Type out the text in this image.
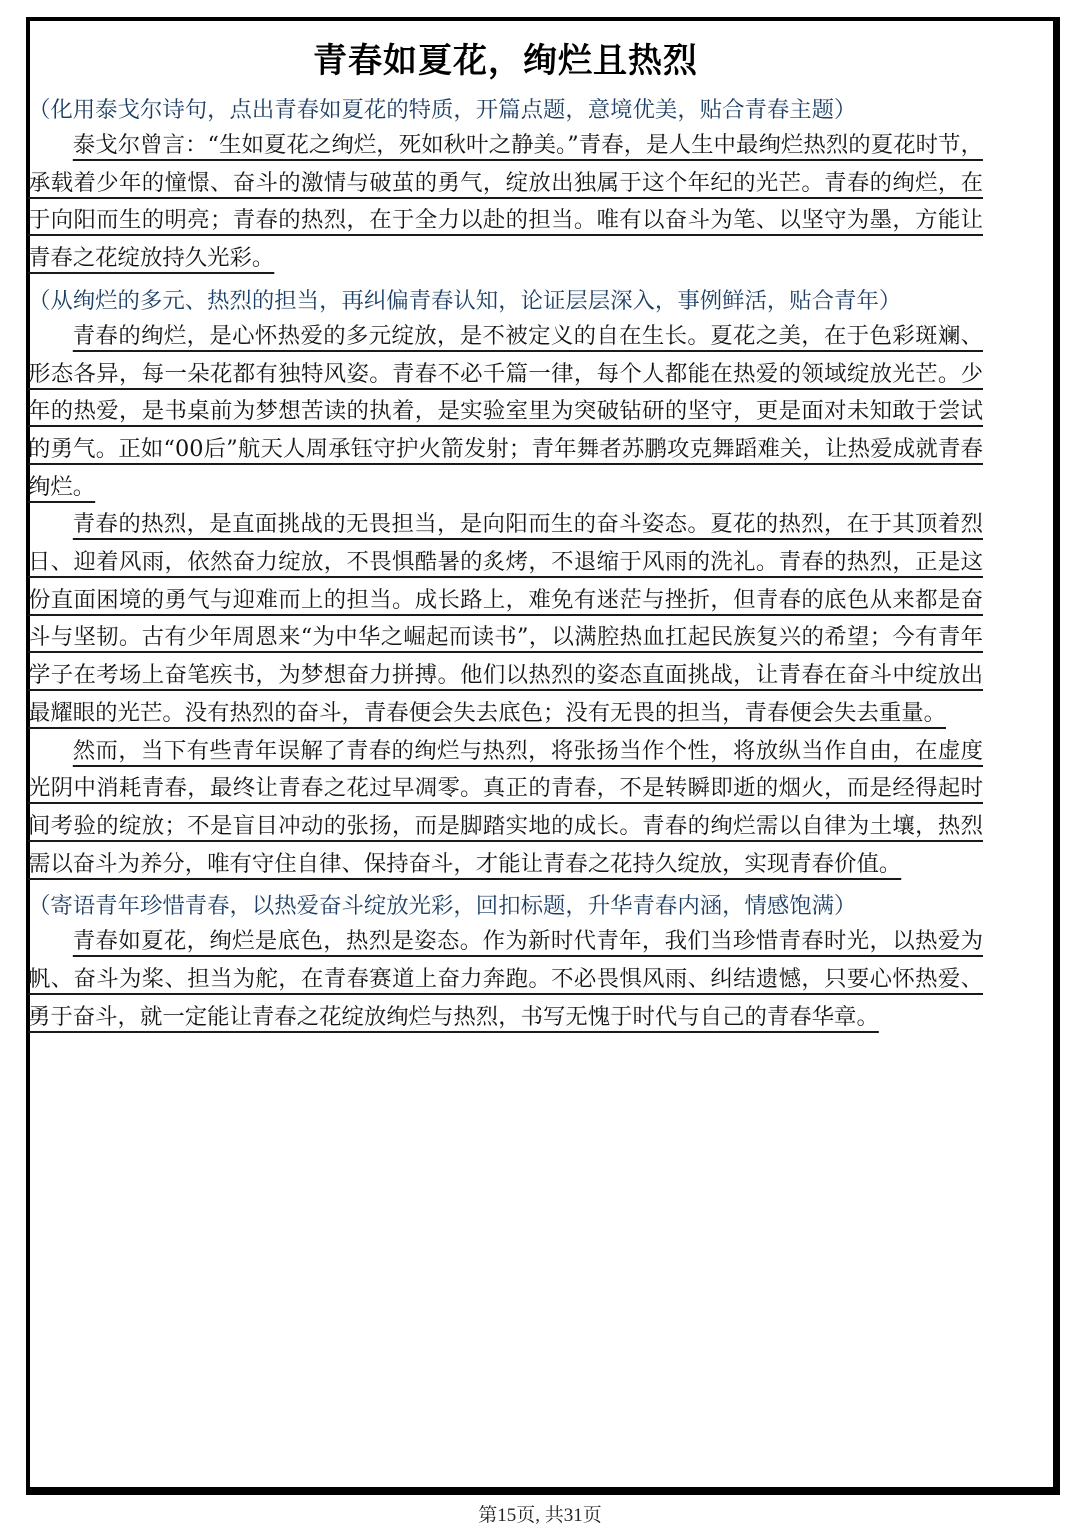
青春如夏花，绚烂且热烈
（化用泰戈尔诗句，点出青春如夏花的特质，开篇点题，意境优美，贴合青春主题）

泰戈尔曾言：“生如夏花之绚烂，死如秋叶之静美。”青春，是人生中最绚烂热烈的夏花时节，承载着少年的憧憬、奋斗的激情与破茧的勇气，绽放出独属于这个年纪的光芒。青春的绚烂，在于向阳而生的明亮；青春的热烈，在于全力以赴的担当。唯有以奋斗为笔、以坚守为墨，方能让青春之花绽放持久光彩。

（从绚烂的多元、热烈的担当，再纠偏青春认知，论证层层深入，事例鲜活，贴合青年）

青春的绚烂，是心怀热爱的多元绽放，是不被定义的自在生长。夏花之美，在于色彩斑斓、形态各异，每一朵花都有独特风姿。青春不必千篇一律，每个人都能在热爱的领域绽放光芒。少年的热爱，是书桌前为梦想苦读的执着，是实验室里为突破钻研的坚守，更是面对未知敢于尝试的勇气。正如“00后”航天人周承钰守护火箭发射；青年舞者苏鹏攻克舞蹈难关，让热爱成就青春绚烂。

青春的热烈，是直面挑战的无畏担当，是向阳而生的奋斗姿态。夏花的热烈，在于其顶着烈日、迎着风雨，依然奋力绽放，不畏惧酷暑的炙烤，不退缩于风雨的洗礼。青春的热烈，正是这份直面困境的勇气与迎难而上的担当。成长路上，难免有迷茫与挫折，但青春的底色从来都是奋斗与坚韧。古有少年周恩来“为中华之崛起而读书”，以满腔热血扛起民族复兴的希望；今有青年学子在考场上奋笔疾书，为梦想奋力拼搏。他们以热烈的姿态直面挑战，让青春在奋斗中绽放出最耀眼的光芒。没有热烈的奋斗，青春便会失去底色；没有无畏的担当，青春便会失去重量。

然而，当下有些青年误解了青春的绚烂与热烈，将张扬当作个性，将放纵当作自由，在虚度光阴中消耗青春，最终让青春之花过早凋零。真正的青春，不是转瞬即逝的烟火，而是经得起时间考验的绽放；不是盲目冲动的张扬，而是脚踏实地的成长。青春的绚烂需以自律为土壤，热烈需以奋斗为养分，唯有守住自律、保持奋斗，才能让青春之花持久绽放，实现青春价值。

（寄语青年珍惜青春，以热爱奋斗绽放光彩，回扣标题，升华青春内涵，情感饱满）

青春如夏花，绚烂是底色，热烈是姿态。作为新时代青年，我们当珍惜青春时光，以热爱为帆、奋斗为桨、担当为舵，在青春赛道上奋力奔跑。不必畏惧风雨、纠结遗憾，只要心怀热爱、勇于奋斗，就一定能让青春之花绽放绚烂与热烈，书写无愧于时代与自己的青春华章。

第15页, 共31页
